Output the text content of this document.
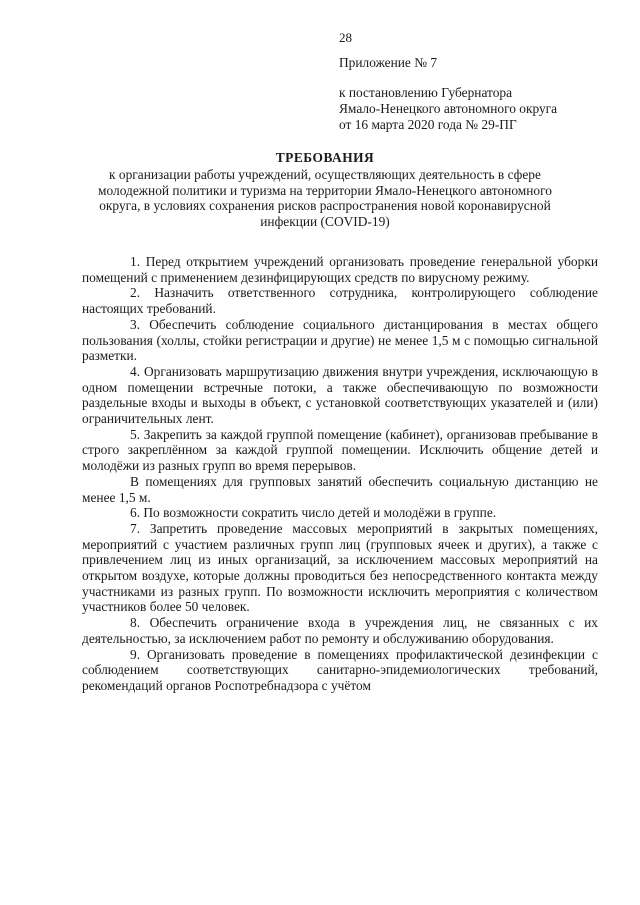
28
Приложение № 7
к постановлению Губернатора
Ямало-Ненецкого автономного округа
от 16 марта 2020 года № 29-ПГ
ТРЕБОВАНИЯ
к организации работы учреждений, осуществляющих деятельность в сфере молодежной политики и туризма на территории Ямало-Ненецкого автономного округа, в условиях сохранения рисков распространения новой коронавирусной инфекции (COVID-19)

1. Перед открытием учреждений организовать проведение генеральной уборки помещений с применением дезинфицирующих средств по вирусному режиму.

2. Назначить ответственного сотрудника, контролирующего соблюдение настоящих требований.

3. Обеспечить соблюдение социального дистанцирования в местах общего пользования (холлы, стойки регистрации и другие) не менее 1,5 м с помощью сигнальной разметки.

4. Организовать маршрутизацию движения внутри учреждения, исключающую в одном помещении встречные потоки, а также обеспечивающую по возможности раздельные входы и выходы в объект, с установкой соответствующих указателей и (или) ограничительных лент.

5. Закрепить за каждой группой помещение (кабинет), организовав пребывание в строго закреплённом за каждой группой помещении. Исключить общение детей и молодёжи из разных групп во время перерывов.

В помещениях для групповых занятий обеспечить социальную дистанцию не менее 1,5 м.

6. По возможности сократить число детей и молодёжи в группе.

7. Запретить проведение массовых мероприятий в закрытых помещениях, мероприятий с участием различных групп лиц (групповых ячеек и других), а также с привлечением лиц из иных организаций, за исключением массовых мероприятий на открытом воздухе, которые должны проводиться без непосредственного контакта между участниками из разных групп. По возможности исключить мероприятия с количеством участников более 50 человек.

8. Обеспечить ограничение входа в учреждения лиц, не связанных с их деятельностью, за исключением работ по ремонту и обслуживанию оборудования.

9. Организовать проведение в помещениях профилактической дезинфекции с соблюдением соответствующих санитарно-эпидемиологических требований, рекомендаций органов Роспотребнадзора с учётом
